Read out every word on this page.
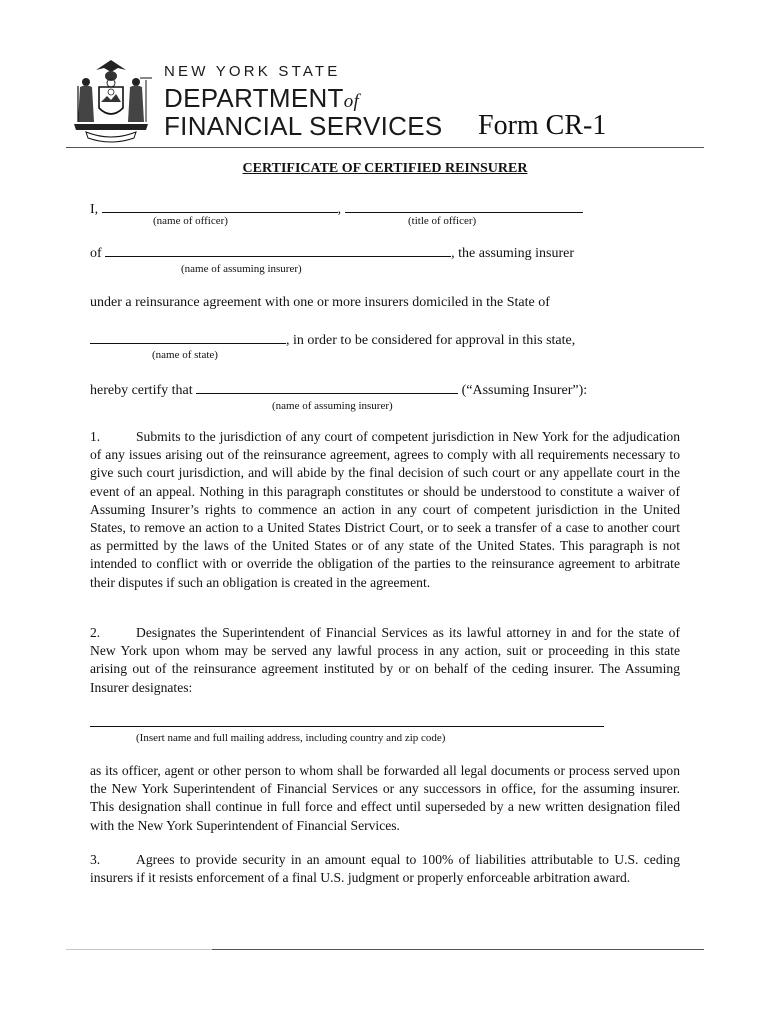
NEW YORK STATE
DEPARTMENTof
FINANCIAL SERVICES Form CR-1
CERTIFICATE OF CERTIFIED REINSURER
I,	,
(name of officer)	(title of officer)
of	, the assuming insurer
(name of assuming insurer)
under a reinsurance agreement with one or more insurers domiciled in the State of
, in order to be considered for approval in this state,
(name of state)
hereby certify that	(“Assuming Insurer”):
(name of assuming insurer)
1.	Submits to the jurisdiction of any court of competent jurisdiction in New York for the adjudication of any issues arising out of the reinsurance agreement, agrees to comply with all requirements necessary to give such court jurisdiction, and will abide by the final decision of such court or any appellate court in the event of an appeal. Nothing in this paragraph constitutes or should be understood to constitute a waiver of Assuming Insurer’s rights to commence an action in any court of competent jurisdiction in the United States, to remove an action to a United States District Court, or to seek a transfer of a case to another court as permitted by the laws of the United States or of any state of the United States. This paragraph is not intended to conflict with or override the obligation of the parties to the reinsurance agreement to arbitrate their disputes if such an obligation is created in the agreement.
2.	Designates the Superintendent of Financial Services as its lawful attorney in and for the state of New York upon whom may be served any lawful process in any action, suit or proceeding in this state arising out of the reinsurance agreement instituted by or on behalf of the ceding insurer. The Assuming Insurer designates:
(Insert name and full mailing address, including country and zip code)
as its officer, agent or other person to whom shall be forwarded all legal documents or process served upon the New York Superintendent of Financial Services or any successors in office, for the assuming insurer. This designation shall continue in full force and effect until superseded by a new written designation filed with the New York Superintendent of Financial Services.
3.	Agrees to provide security in an amount equal to 100% of liabilities attributable to U.S. ceding insurers if it resists enforcement of a final U.S. judgment or properly enforceable arbitration award.
